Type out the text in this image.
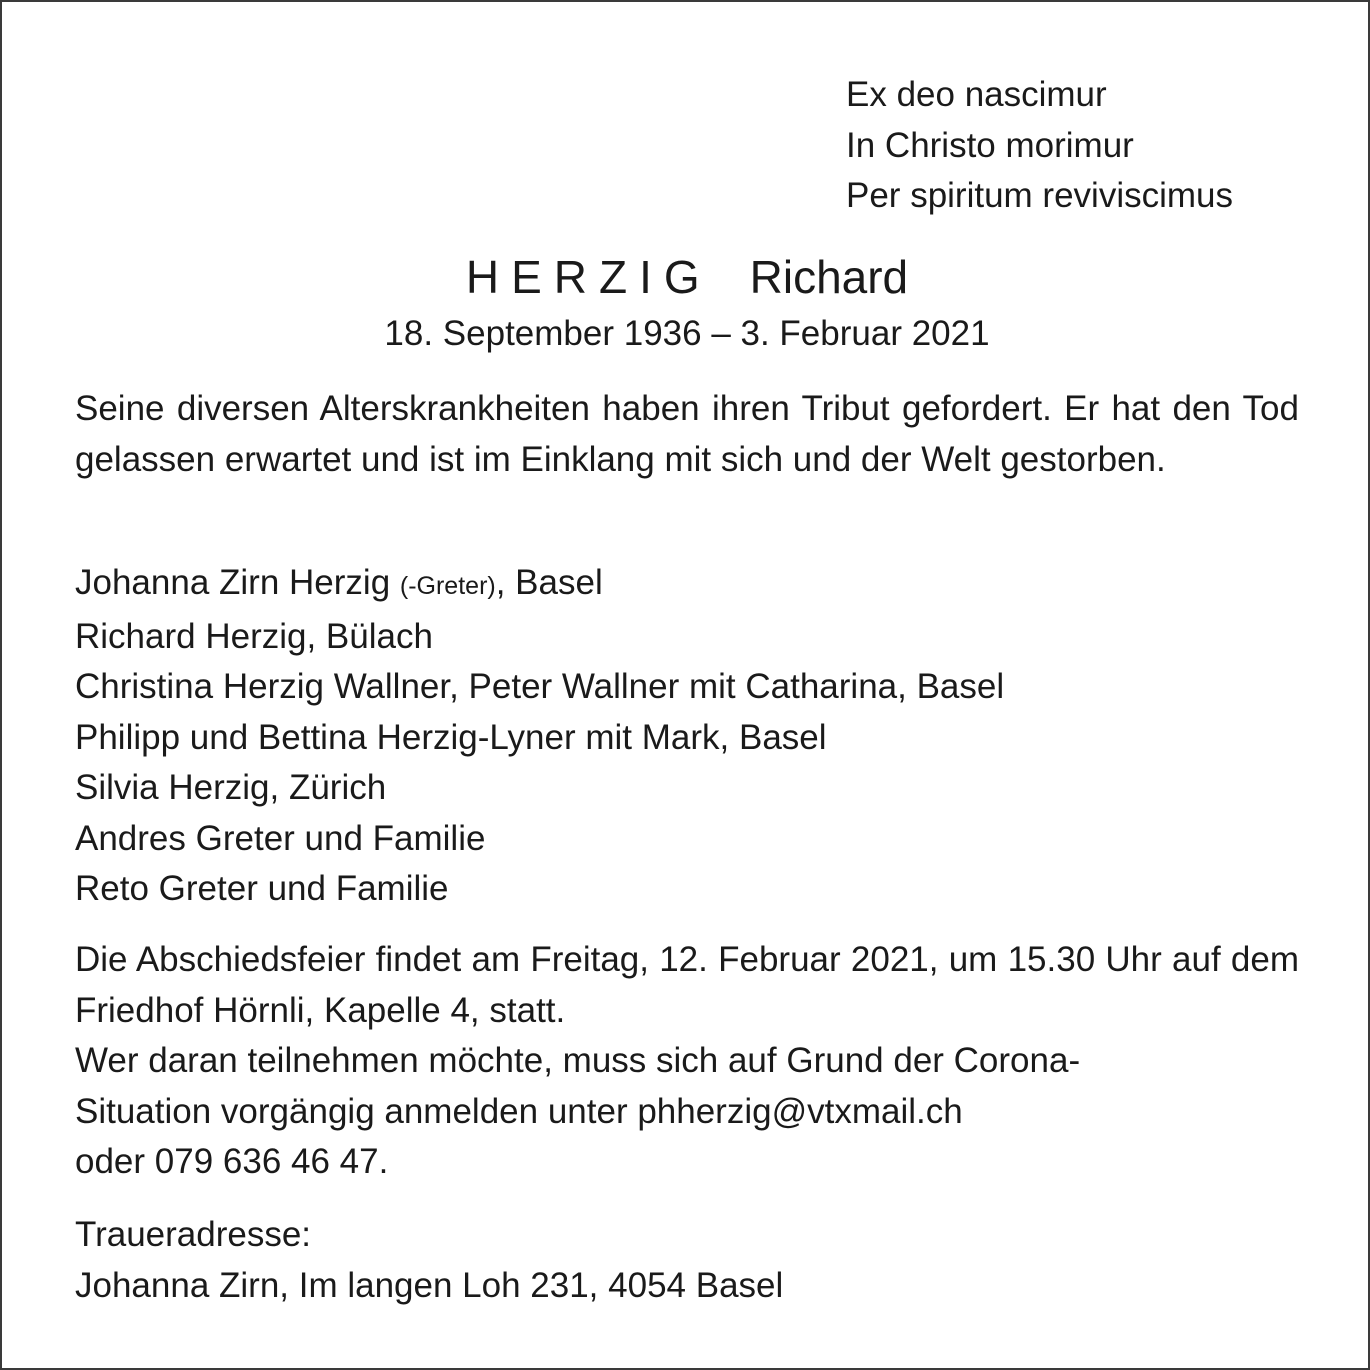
Ex deo nascimur
In Christo morimur
Per spiritum reviviscimus
HERZIG Richard
18. September 1936 – 3. Februar 2021
Seine diversen Alterskrankheiten haben ihren Tribut gefordert. Er hat den Tod gelassen erwartet und ist im Einklang mit sich und der Welt gestorben.
Johanna Zirn Herzig (-Greter), Basel
Richard Herzig, Bülach
Christina Herzig Wallner, Peter Wallner mit Catharina, Basel
Philipp und Bettina Herzig-Lyner mit Mark, Basel
Silvia Herzig, Zürich
Andres Greter und Familie
Reto Greter und Familie
Die Abschiedsfeier findet am Freitag, 12. Februar 2021, um 15.30 Uhr auf dem Friedhof Hörnli, Kapelle 4, statt.
Wer daran teilnehmen möchte, muss sich auf Grund der Corona-
Situation vorgängig anmelden unter phherzig@vtxmail.ch
oder 079 636 46 47.
Traueradresse:
Johanna Zirn, Im langen Loh 231, 4054 Basel
